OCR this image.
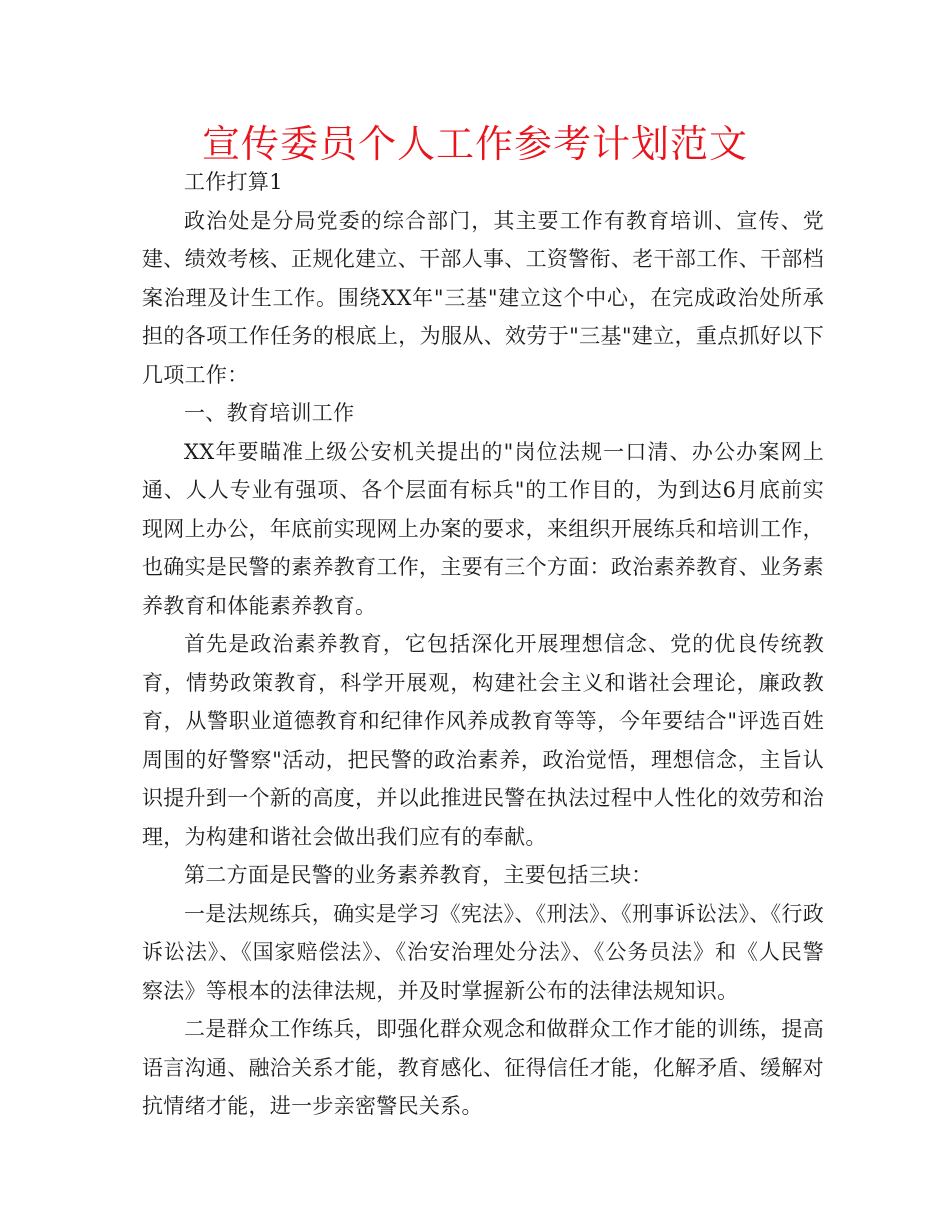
宣传委员个人工作参考计划范文

工作打算1

政治处是分局党委的综合部门，其主要工作有教育培训、宣传、党建、绩效考核、正规化建立、干部人事、工资警衔、老干部工作、干部档案治理及计生工作。围绕XX年"三基"建立这个中心，在完成政治处所承担的各项工作任务的根底上，为服从、效劳于"三基"建立，重点抓好以下几项工作：

一、教育培训工作

XX年要瞄准上级公安机关提出的"岗位法规一口清、办公办案网上通、人人专业有强项、各个层面有标兵"的工作目的，为到达6月底前实现网上办公，年底前实现网上办案的要求，来组织开展练兵和培训工作，也确实是民警的素养教育工作，主要有三个方面：政治素养教育、业务素养教育和体能素养教育。

首先是政治素养教育，它包括深化开展理想信念、党的优良传统教育，情势政策教育，科学开展观，构建社会主义和谐社会理论，廉政教育，从警职业道德教育和纪律作风养成教育等等，今年要结合"评选百姓周围的好警察"活动，把民警的政治素养，政治觉悟，理想信念，主旨认识提升到一个新的高度，并以此推进民警在执法过程中人性化的效劳和治理，为构建和谐社会做出我们应有的奉献。

第二方面是民警的业务素养教育，主要包括三块：

一是法规练兵，确实是学习《宪法》、《刑法》、《刑事诉讼法》、《行政诉讼法》、《国家赔偿法》、《治安治理处分法》、《公务员法》和《人民警察法》等根本的法律法规，并及时掌握新公布的法律法规知识。

二是群众工作练兵，即强化群众观念和做群众工作才能的训练，提高语言沟通、融洽关系才能，教育感化、征得信任才能，化解矛盾、缓解对抗情绪才能，进一步亲密警民关系。
